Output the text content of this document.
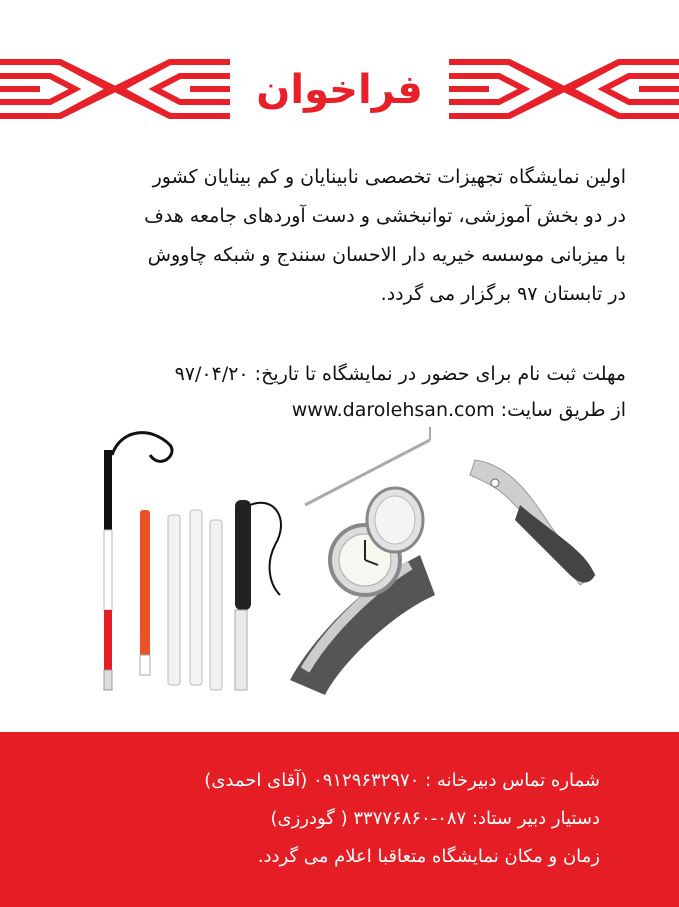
فراخوان

اولین نمایشگاه تجهیزات تخصصی نابینایان و کم بینایان کشور

در دو بخش آموزشی، توانبخشی و دست آوردهای جامعه هدف

با میزبانی موسسه خیریه دار الاحسان سنندج و شبکه چاووش

در تابستان ۹۷ برگزار می گردد.

مهلت ثبت نام برای حضور در نمایشگاه تا تاریخ: ۹۷/۰۴/۲۰

از طریق سایت: www.darolehsan.com

شماره تماس دبیرخانه : ۰۹۱۲۹۶۳۲۹۷۰ (آقای احمدی)

دستیار دبیر ستاد: ۰۸۷-۳۳۷۷۶۸۶۰ ( گودرزی)

زمان و مکان نمایشگاه متعاقبا اعلام می گردد.
